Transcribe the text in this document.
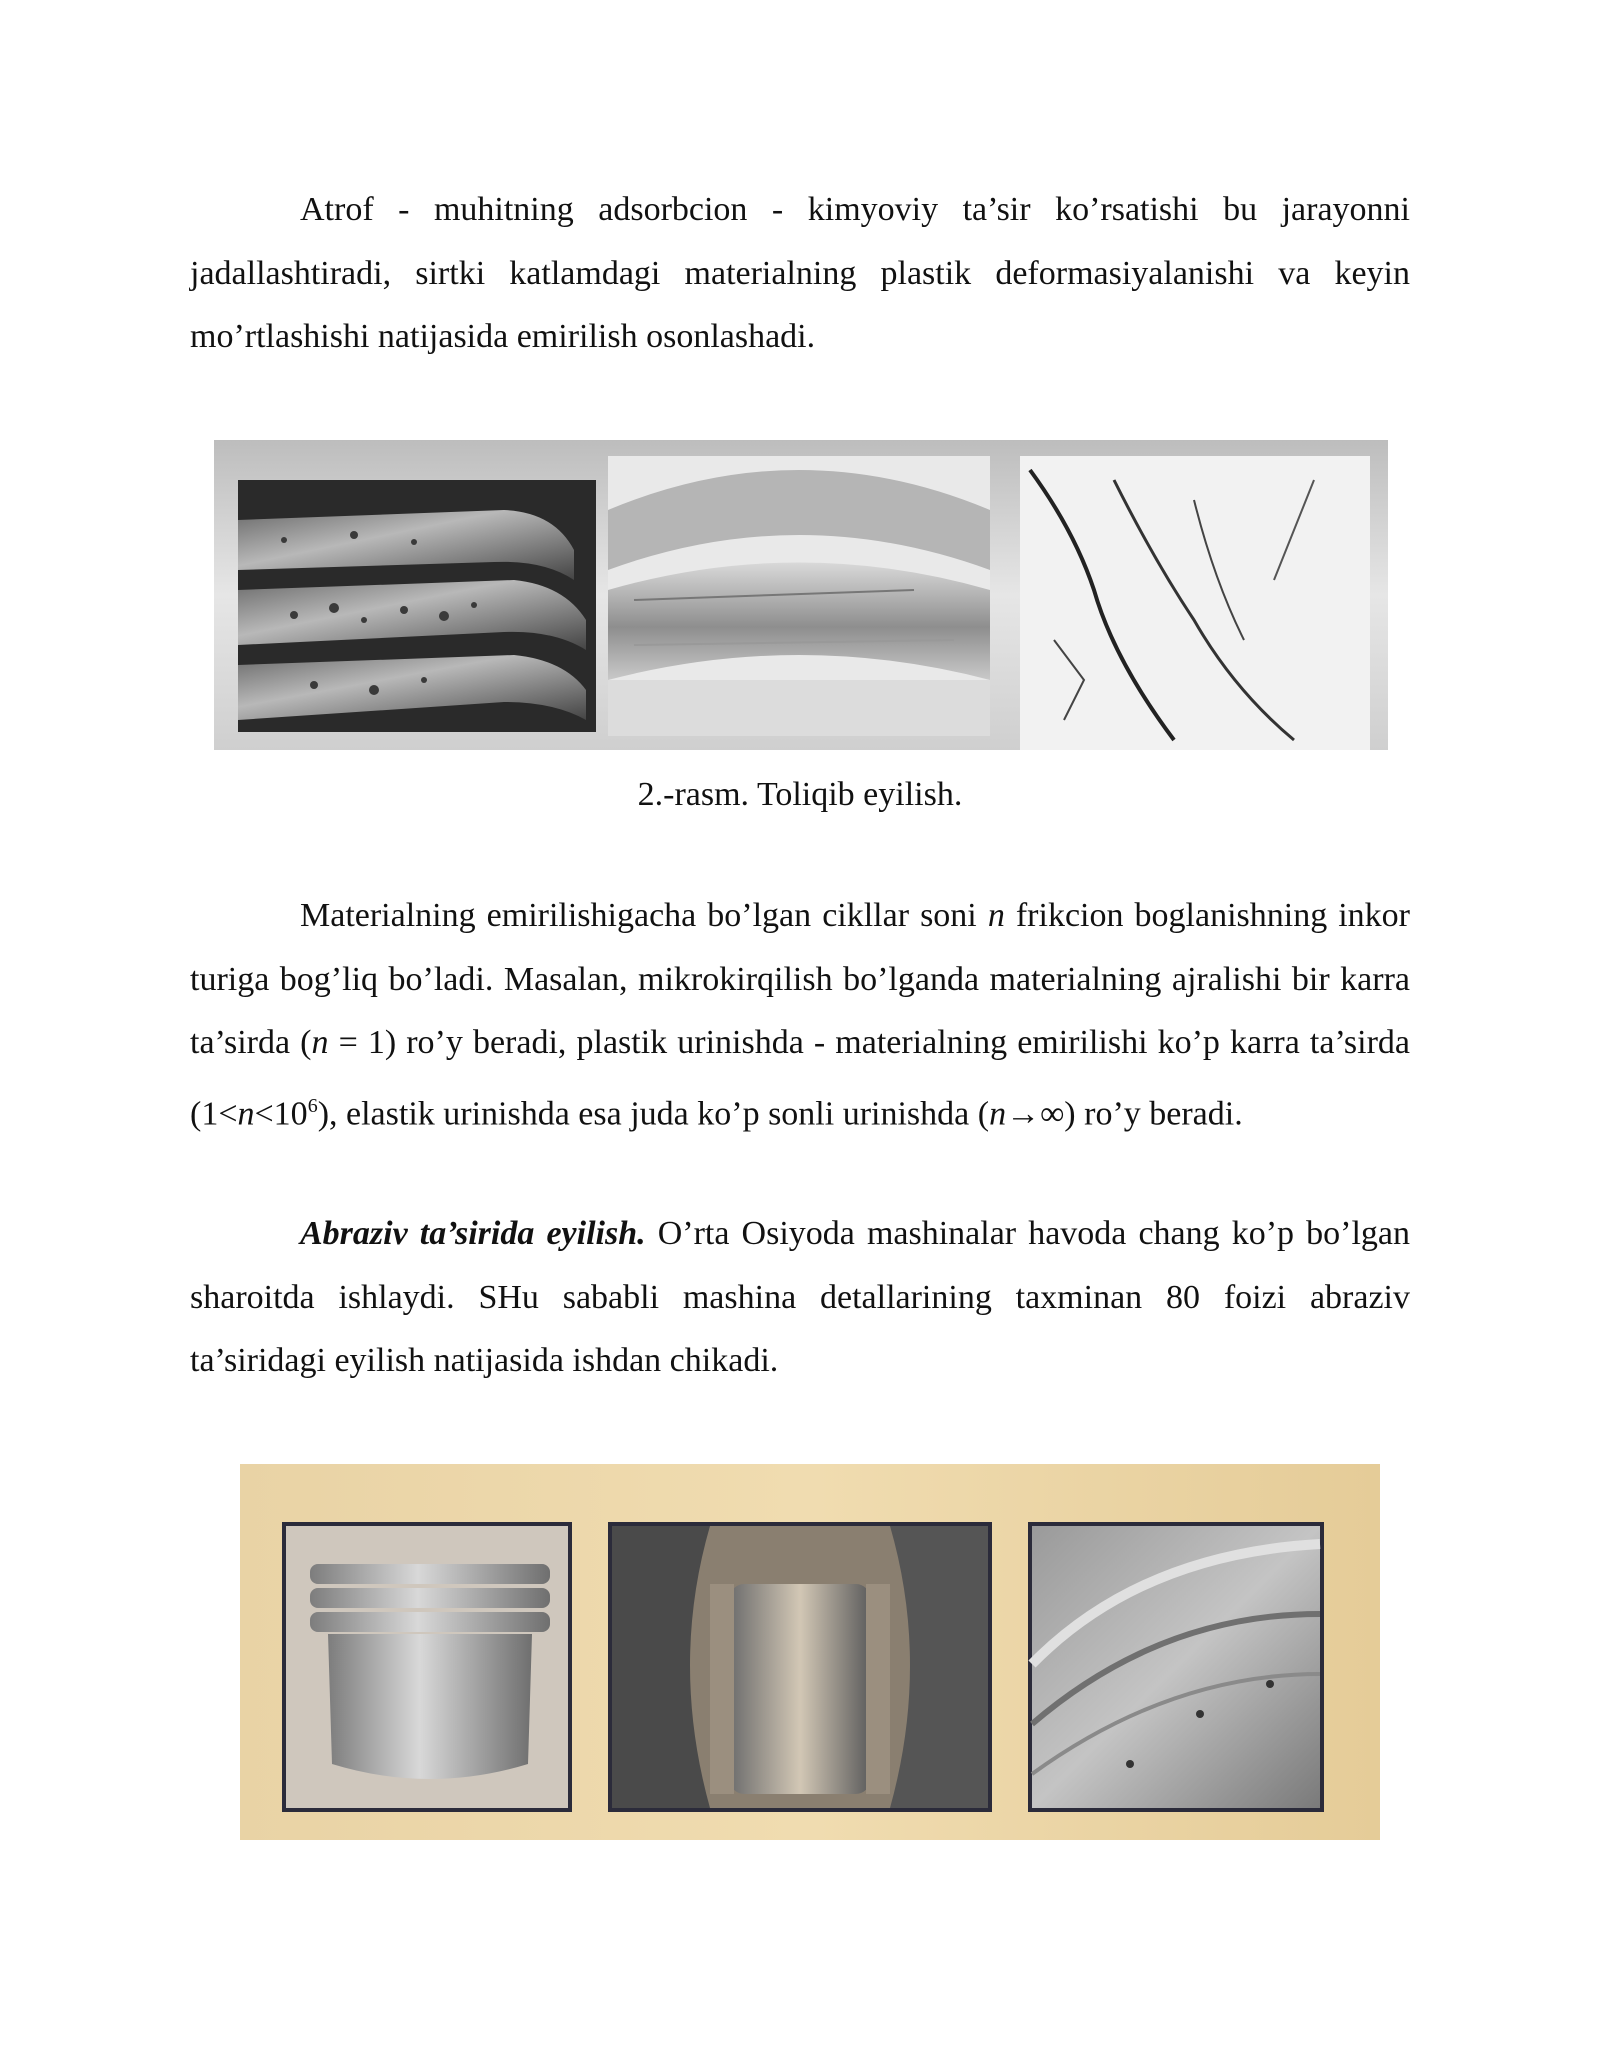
Atrof - muhitning adsorbcion - kimyoviy ta’sir ko’rsatishi bu jarayonni jadallashtiradi, sirtki katlamdagi materialning plastik deformasiyalanishi va keyin mo’rtlashishi natijasida emirilish osonlashadi.

2.-rasm. Toliqib eyilish.

Materialning emirilishigacha bo’lgan cikllar soni n frikcion boglanishning inkor turiga bog’liq bo’ladi. Masalan, mikrokirqilish bo’lganda materialning ajralishi bir karra ta’sirda (n = 1) ro’y beradi, plastik urinishda - materialning emirilishi ko’p karra ta’sirda $(1<n<10^6)$, elastik urinishda esa juda ko’p sonli urinishda (n→∞) ro’y beradi.

Abraziv ta’sirida eyilish. O’rta Osiyoda mashinalar havoda chang ko’p bo’lgan sharoitda ishlaydi. SHu sababli mashina detallarining taxminan 80 foizi abraziv ta’siridagi eyilish natijasida ishdan chikadi.
